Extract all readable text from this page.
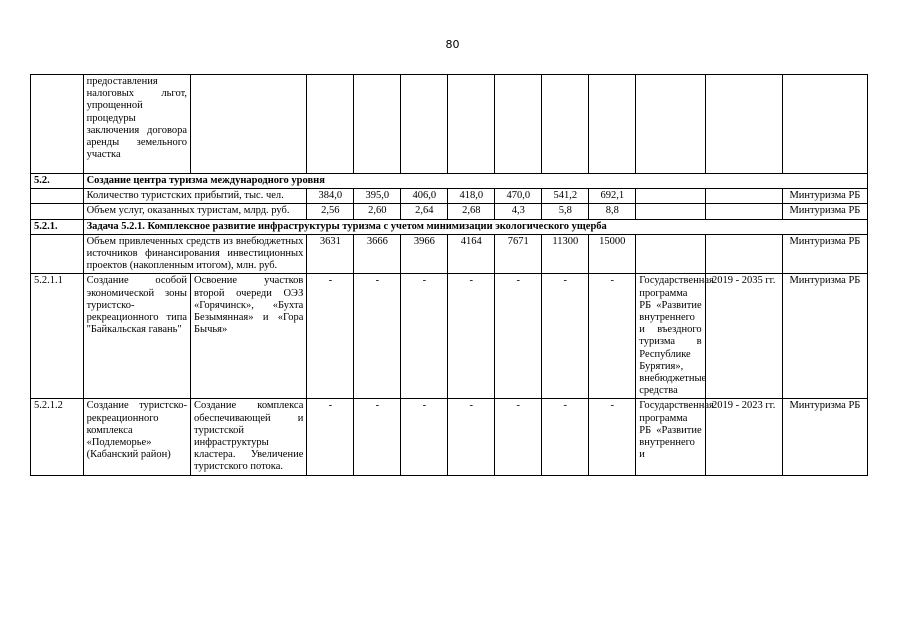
80
	предоставления налоговых льгот, упрощенной процедуры заключения договора аренды земельного участка											
5.2.	Создание центра туризма международного уровня											
	Количество туристских прибытий, тыс. чел.		384,0	395,0	406,0	418,0	470,0	541,2	692,1			Минтуризма РБ
	Объем услуг, оказанных туристам, млрд. руб.		2,56	2,60	2,64	2,68	4,3	5,8	8,8			Минтуризма РБ
5.2.1.	Задача 5.2.1. Комплексное развитие инфраструктуры туризма с учетом минимизации экологического ущерба											
	Объем привлеченных средств из внебюджетных источников финансирования инвестиционных проектов (накопленным итогом), млн. руб.		3631	3666	3966	4164	7671	11300	15000			Минтуризма РБ
5.2.1.1	Создание особой экономической зоны туристско-рекреационного типа "Байкальская гавань"	Освоение участков второй очереди ОЭЗ «Горячинск», «Бухта Безымянная» и «Гора Бычья»	-	-	-	-	-	-	-	Государственная программа РБ «Развитие внутреннего и въездного туризма в Республике Бурятия», внебюджетные средства	2019 - 2035 гг.	Минтуризма РБ
5.2.1.2	Создание туристско-рекреационного комплекса «Подлеморье» (Кабанский район)	Создание комплекса обеспечивающей и туристской инфраструктуры кластера. Увеличение туристского потока.	-	-	-	-	-	-	-	Государственная программа РБ «Развитие внутреннего и	2019 - 2023 гг.	Минтуризма РБ
